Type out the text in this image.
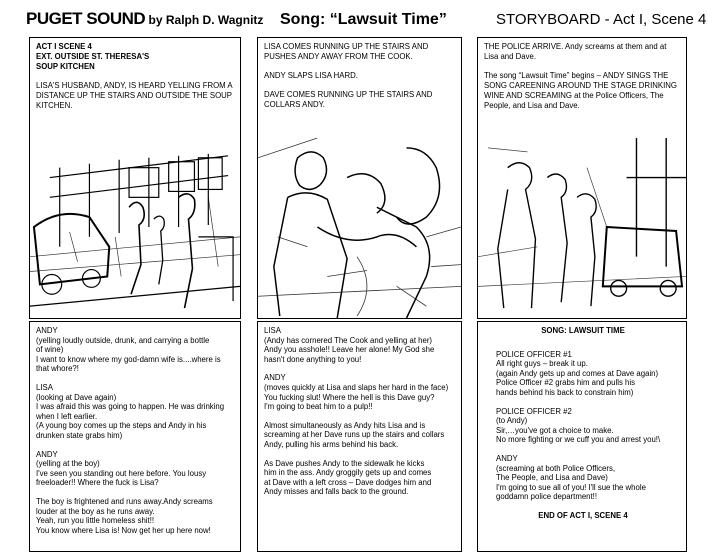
PUGET SOUND by Ralph D. Wagnitz Song: “Lawsuit Time”	STORYBOARD - Act I, Scene 4

ACT I SCENE 4
EXT. OUTSIDE ST. THERESA'S
SOUP KITCHEN

LISA'S HUSBAND, ANDY, IS HEARD YELLING FROM A DISTANCE UP THE STAIRS AND OUTSIDE THE SOUP KITCHEN.

LISA COMES RUNNING UP THE STAIRS AND PUSHES ANDY AWAY FROM THE COOK.

ANDY SLAPS LISA HARD.

DAVE COMES RUNNING UP THE STAIRS AND COLLARS ANDY.

THE POLICE ARRIVE. Andy screams at them and at Lisa and Dave.

The song “Lawsuit Time” begins – ANDY SINGS THE SONG CAREENING AROUND THE STAGE DRINKING WINE AND SCREAMING at the Police Officers, The People, and Lisa and Dave.

ANDY
(yelling loudly outside, drunk, and carrying a bottle
of wine)
I want to know where my god-damn wife is....where is
that whore?!

LISA
(looking at Dave again)
I was afraid this was going to happen. He was drinking
when I left earlier.
(A young boy comes up the steps and Andy in his
drunken state grabs him)

ANDY
(yelling at the boy)
I've seen you standing out here before. You lousy
freeloader!! Where the fuck is Lisa?

The boy is frightened and runs away.Andy screams
louder at the boy as he runs away.
Yeah, run you little homeless shit!!
You know where Lisa is! Now get her up here now!

LISA
(Andy has cornered The Cook and yelling at her)
Andy you asshole!! Leave her alone! My God she
hasn't done anything to you!

ANDY
(moves quickly at Lisa and slaps her hard in the face)
You fucking slut! Where the hell is this Dave guy?
I'm going to beat him to a pulp!!

Almost simultaneously as Andy hits Lisa and is
screaming at her Dave runs up the stairs and collars
Andy, pulling his arms behind his back.

As Dave pushes Andy to the sidewalk he kicks
him in the ass. Andy groggily gets up and comes
at Dave with a left cross – Dave dodges him and
Andy misses and falls back to the ground.

SONG: LAWSUIT TIME

POLICE OFFICER #1
All right guys – break it up.
(again Andy gets up and comes at Dave again)
Police Officer #2 grabs him and pulls his
hands behind his back to constrain him)

POLICE OFFICER #2
(to Andy)
Sir,…you've got a choice to make.
No more fighting or we cuff you and arrest you!\

ANDY
(screaming at both Police Officers,
The People, and Lisa and Dave)
I'm going to sue all of you! I'll sue the whole
goddamn police department!!

END OF ACT I, SCENE 4
